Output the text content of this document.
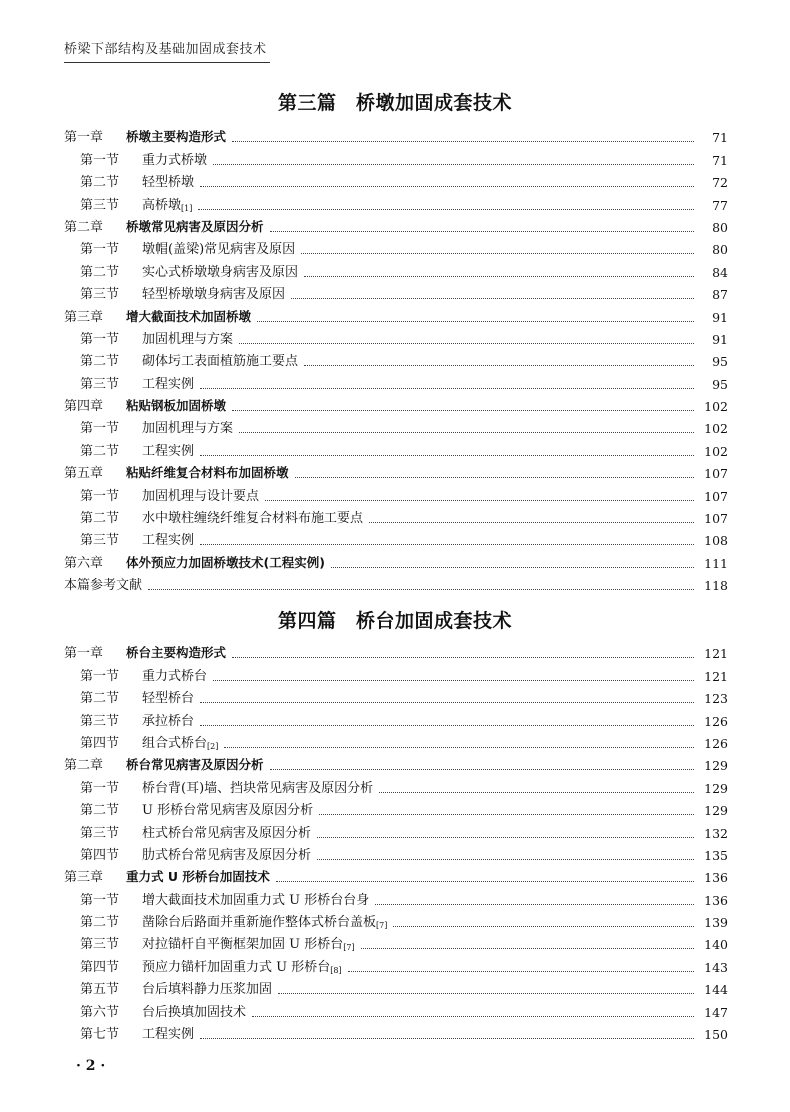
桥梁下部结构及基础加固成套技术
第三篇　桥墩加固成套技术
第一章	桥墩主要构造形式	71
第一节	重力式桥墩	71
第二节	轻型桥墩	72
第三节	高桥墩 [1]	77
第二章	桥墩常见病害及原因分析	80
第一节	墩帽(盖梁)常见病害及原因	80
第二节	实心式桥墩墩身病害及原因	84
第三节	轻型桥墩墩身病害及原因	87
第三章	增大截面技术加固桥墩	91
第一节	加固机理与方案	91
第二节	砌体圬工表面植筋施工要点	95
第三节	工程实例	95
第四章	粘贴钢板加固桥墩	102
第一节	加固机理与方案	102
第二节	工程实例	102
第五章	粘贴纤维复合材料布加固桥墩	107
第一节	加固机理与设计要点	107
第二节	水中墩柱缠绕纤维复合材料布施工要点	107
第三节	工程实例	108
第六章	体外预应力加固桥墩技术(工程实例)	111
本篇参考文献	118
第四篇　桥台加固成套技术
第一章	桥台主要构造形式	121
第一节	重力式桥台	121
第二节	轻型桥台	123
第三节	承拉桥台	126
第四节	组合式桥台 [2]	126
第二章	桥台常见病害及原因分析	129
第一节	桥台背(耳)墙、挡块常见病害及原因分析	129
第二节	U 形桥台常见病害及原因分析	129
第三节	柱式桥台常见病害及原因分析	132
第四节	肋式桥台常见病害及原因分析	135
第三章	重力式 U 形桥台加固技术	136
第一节	增大截面技术加固重力式 U 形桥台台身	136
第二节	凿除台后路面并重新施作整体式桥台盖板 [7]	139
第三节	对拉锚杆自平衡框架加固 U 形桥台 [7]	140
第四节	预应力锚杆加固重力式 U 形桥台 [8]	143
第五节	台后填料静力压浆加固	144
第六节	台后换填加固技术	147
第七节	工程实例	150
· 2 ·
